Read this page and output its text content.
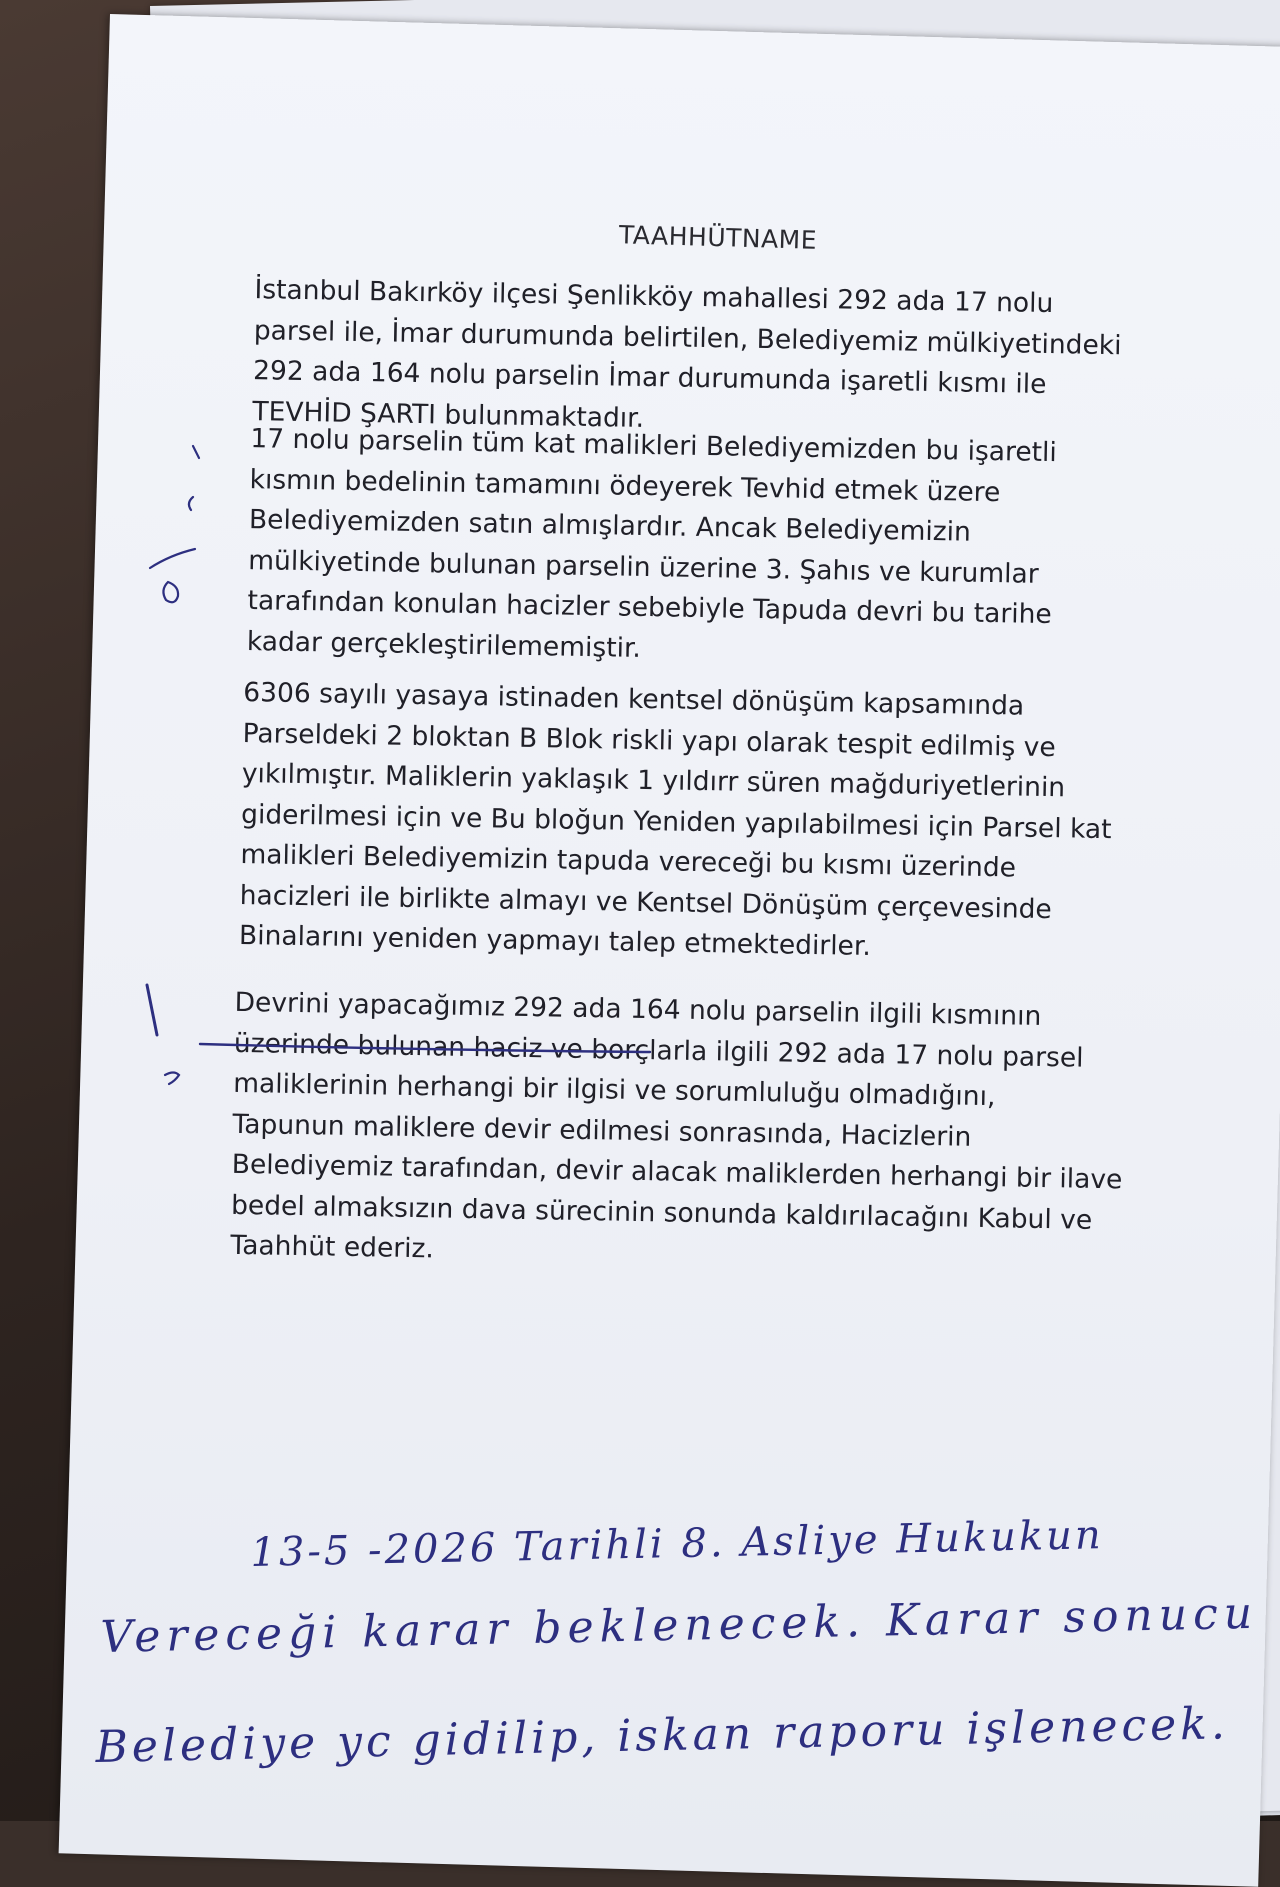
TAAHHÜTNAME
İstanbul Bakırköy ilçesi Şenlikköy mahallesi 292 ada 17 nolu
parsel ile, İmar durumunda belirtilen, Belediyemiz mülkiyetindeki
292 ada 164 nolu parselin İmar durumunda işaretli kısmı ile
TEVHİD ŞARTI bulunmaktadır.
17 nolu parselin tüm kat malikleri Belediyemizden bu işaretli
kısmın bedelinin tamamını ödeyerek Tevhid etmek üzere
Belediyemizden satın almışlardır. Ancak Belediyemizin
mülkiyetinde bulunan parselin üzerine 3. Şahıs ve kurumlar
tarafından konulan hacizler sebebiyle Tapuda devri bu tarihe
kadar gerçekleştirilememiştir.
6306 sayılı yasaya istinaden kentsel dönüşüm kapsamında
Parseldeki 2 bloktan B Blok riskli yapı olarak tespit edilmiş ve
yıkılmıştır. Maliklerin yaklaşık 1 yıldırr süren mağduriyetlerinin
giderilmesi için ve Bu bloğun Yeniden yapılabilmesi için Parsel kat
malikleri Belediyemizin tapuda vereceği bu kısmı üzerinde
hacizleri ile birlikte almayı ve Kentsel Dönüşüm çerçevesinde
Binalarını yeniden yapmayı talep etmektedirler.
Devrini yapacağımız 292 ada 164 nolu parselin ilgili kısmının
üzerinde bulunan haciz ve borçlarla ilgili 292 ada 17 nolu parsel
maliklerinin herhangi bir ilgisi ve sorumluluğu olmadığını,
Tapunun maliklere devir edilmesi sonrasında, Hacizlerin
Belediyemiz tarafından, devir alacak maliklerden herhangi bir ilave
bedel almaksızın dava sürecinin sonunda kaldırılacağını Kabul ve
Taahhüt ederiz.
13-5 -2026 Tarihli 8. Asliye Hukukun
Vereceği karar beklenecek. Karar sonucu
Belediye yc gidilip, iskan raporu işlenecek.
